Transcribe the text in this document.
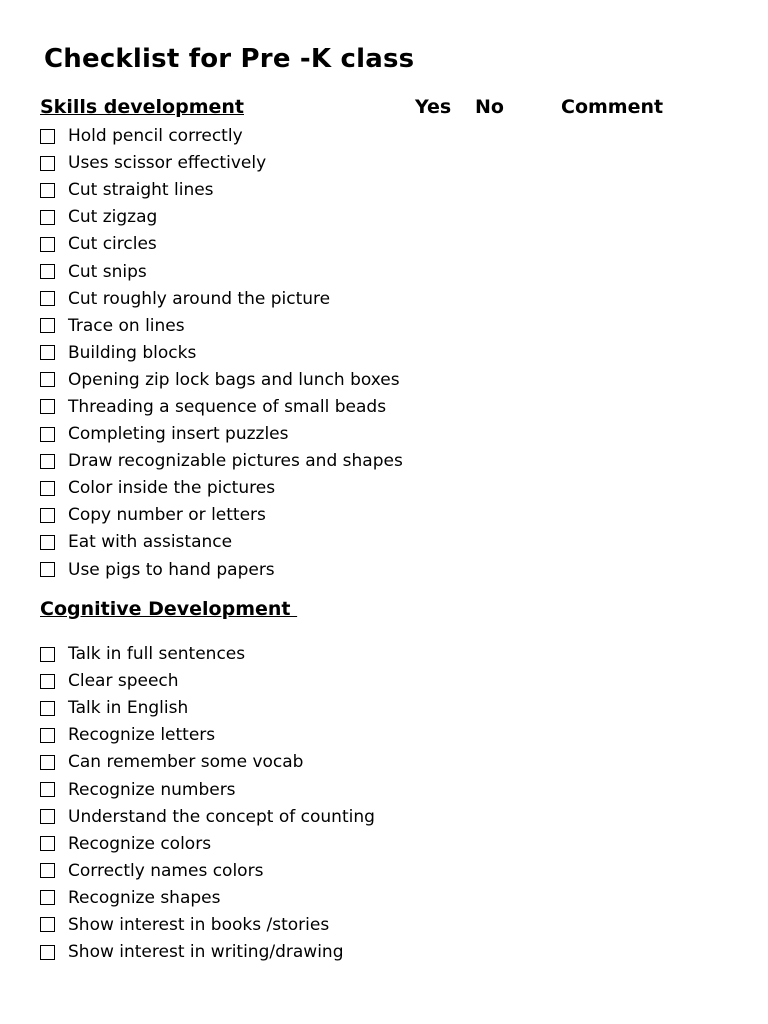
Checklist for Pre -K class
Skills development	Yes No	Comment
Hold pencil correctly
Uses scissor effectively
Cut straight lines
Cut zigzag
Cut circles
Cut snips
Cut roughly around the picture
Trace on lines
Building blocks
Opening zip lock bags and lunch boxes
Threading a sequence of small beads
Completing insert puzzles
Draw recognizable pictures and shapes
Color inside the pictures
Copy number or letters
Eat with assistance
Use pigs to hand papers
Cognitive Development
Talk in full sentences
Clear speech
Talk in English
Recognize letters
Can remember some vocab
Recognize numbers
Understand the concept of counting
Recognize colors
Correctly names colors
Recognize shapes
Show interest in books /stories
Show interest in writing/drawing
